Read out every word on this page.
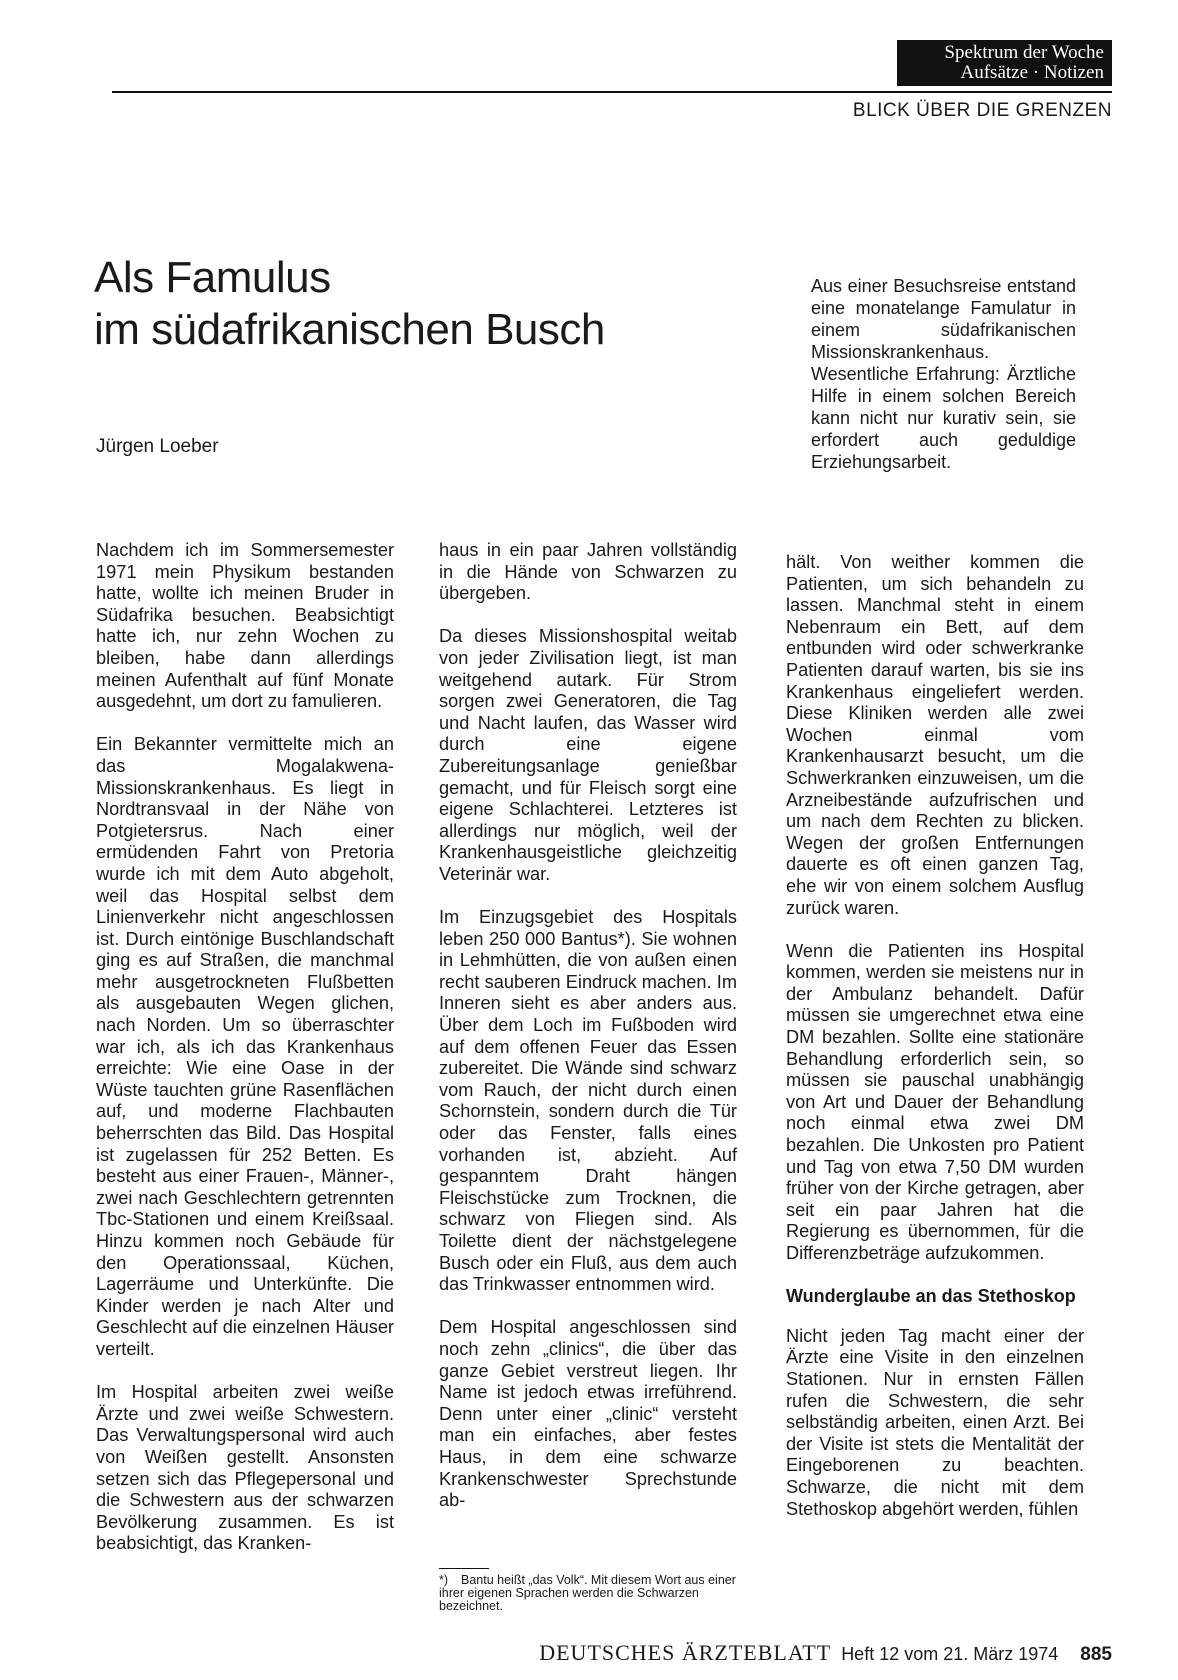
Spektrum der Woche
Aufsätze · Notizen
BLICK ÜBER DIE GRENZEN
Als Famulus
im südafrikanischen Busch
Jürgen Loeber
Aus einer Besuchsreise entstand eine monatelange Famulatur in einem südafrikanischen Missionskrankenhaus. Wesentliche Erfahrung: Ärztliche Hilfe in einem solchen Bereich kann nicht nur kurativ sein, sie erfordert auch geduldige Erziehungsarbeit.

Nachdem ich im Sommersemester 1971 mein Physikum bestanden hatte, wollte ich meinen Bruder in Südafrika besuchen. Beabsichtigt hatte ich, nur zehn Wochen zu bleiben, habe dann allerdings meinen Aufenthalt auf fünf Monate ausgedehnt, um dort zu famulieren.

Ein Bekannter vermittelte mich an das Mogalakwena-Missionskrankenhaus. Es liegt in Nordtransvaal in der Nähe von Potgietersrus. Nach einer ermüdenden Fahrt von Pretoria wurde ich mit dem Auto abgeholt, weil das Hospital selbst dem Linienverkehr nicht angeschlossen ist. Durch eintönige Buschlandschaft ging es auf Straßen, die manchmal mehr ausgetrockneten Flußbetten als ausgebauten Wegen glichen, nach Norden. Um so überraschter war ich, als ich das Krankenhaus erreichte: Wie eine Oase in der Wüste tauchten grüne Rasenflächen auf, und moderne Flachbauten beherrschten das Bild. Das Hospital ist zugelassen für 252 Betten. Es besteht aus einer Frauen-, Männer-, zwei nach Geschlechtern getrennten Tbc-Stationen und einem Kreißsaal. Hinzu kommen noch Gebäude für den Operationssaal, Küchen, Lagerräume und Unterkünfte. Die Kinder werden je nach Alter und Geschlecht auf die einzelnen Häuser verteilt.

Im Hospital arbeiten zwei weiße Ärzte und zwei weiße Schwestern. Das Verwaltungspersonal wird auch von Weißen gestellt. Ansonsten setzen sich das Pflegepersonal und die Schwestern aus der schwarzen Bevölkerung zusammen. Es ist beabsichtigt, das Kranken-

haus in ein paar Jahren vollständig in die Hände von Schwarzen zu übergeben.

Da dieses Missionshospital weitab von jeder Zivilisation liegt, ist man weitgehend autark. Für Strom sorgen zwei Generatoren, die Tag und Nacht laufen, das Wasser wird durch eine eigene Zubereitungsanlage genießbar gemacht, und für Fleisch sorgt eine eigene Schlachterei. Letzteres ist allerdings nur möglich, weil der Krankenhausgeistliche gleichzeitig Veterinär war.

Im Einzugsgebiet des Hospitals leben 250 000 Bantus*). Sie wohnen in Lehmhütten, die von außen einen recht sauberen Eindruck machen. Im Inneren sieht es aber anders aus. Über dem Loch im Fußboden wird auf dem offenen Feuer das Essen zubereitet. Die Wände sind schwarz vom Rauch, der nicht durch einen Schornstein, sondern durch die Tür oder das Fenster, falls eines vorhanden ist, abzieht. Auf gespanntem Draht hängen Fleischstücke zum Trocknen, die schwarz von Fliegen sind. Als Toilette dient der nächstgelegene Busch oder ein Fluß, aus dem auch das Trinkwasser entnommen wird.

Dem Hospital angeschlossen sind noch zehn „clinics“, die über das ganze Gebiet verstreut liegen. Ihr Name ist jedoch etwas irreführend. Denn unter einer „clinic“ versteht man ein einfaches, aber festes Haus, in dem eine schwarze Krankenschwester Sprechstunde ab-

hält. Von weither kommen die Patienten, um sich behandeln zu lassen. Manchmal steht in einem Nebenraum ein Bett, auf dem entbunden wird oder schwerkranke Patienten darauf warten, bis sie ins Krankenhaus eingeliefert werden. Diese Kliniken werden alle zwei Wochen einmal vom Krankenhausarzt besucht, um die Schwerkranken einzuweisen, um die Arzneibestände aufzufrischen und um nach dem Rechten zu blicken. Wegen der großen Entfernungen dauerte es oft einen ganzen Tag, ehe wir von einem solchem Ausflug zurück waren.

Wenn die Patienten ins Hospital kommen, werden sie meistens nur in der Ambulanz behandelt. Dafür müssen sie umgerechnet etwa eine DM bezahlen. Sollte eine stationäre Behandlung erforderlich sein, so müssen sie pauschal unabhängig von Art und Dauer der Behandlung noch einmal etwa zwei DM bezahlen. Die Unkosten pro Patient und Tag von etwa 7,50 DM wurden früher von der Kirche getragen, aber seit ein paar Jahren hat die Regierung es übernommen, für die Differenzbeträge aufzukommen.

Wunderglaube an das Stethoskop

Nicht jeden Tag macht einer der Ärzte eine Visite in den einzelnen Stationen. Nur in ernsten Fällen rufen die Schwestern, die sehr selbständig arbeiten, einen Arzt. Bei der Visite ist stets die Mentalität der Eingeborenen zu beachten. Schwarze, die nicht mit dem Stethoskop abgehört werden, fühlen

*) Bantu heißt „das Volk“. Mit diesem Wort aus einer ihrer eigenen Sprachen werden die Schwarzen bezeichnet.
DEUTSCHES ÄRZTEBLATT Heft 12 vom 21. März 1974 885
